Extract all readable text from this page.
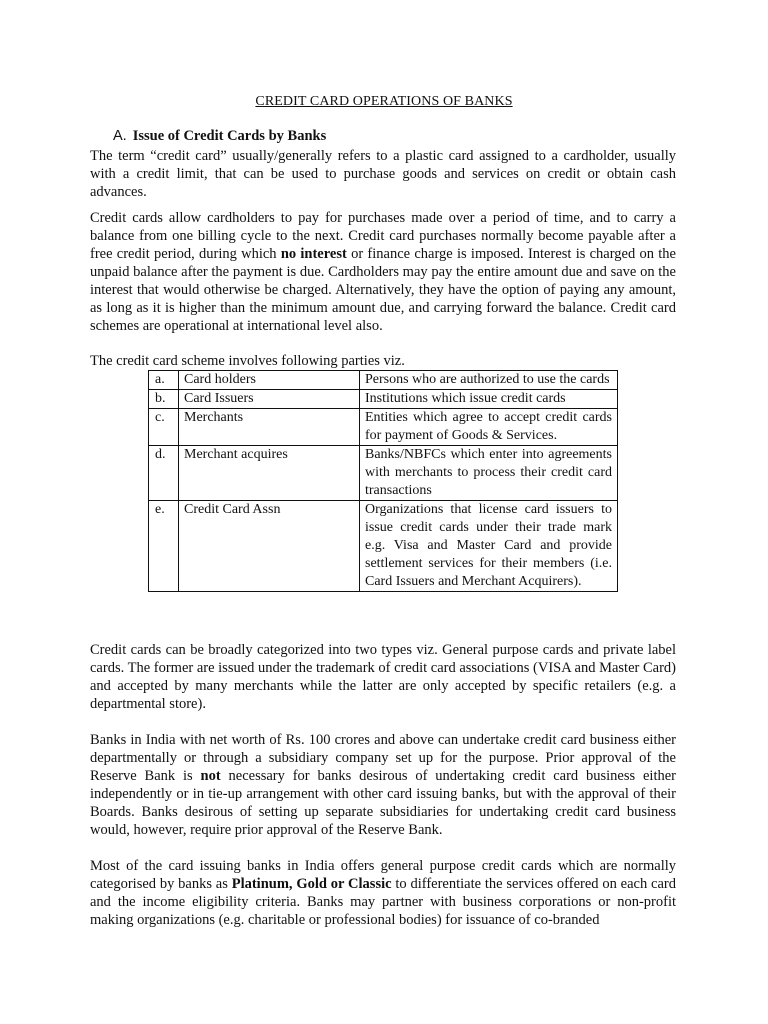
CREDIT CARD OPERATIONS OF BANKS
A. Issue of Credit Cards by Banks

The term “credit card” usually/generally refers to a plastic card assigned to a cardholder, usually with a credit limit, that can be used to purchase goods and services on credit or obtain cash advances.

Credit cards allow cardholders to pay for purchases made over a period of time, and to carry a balance from one billing cycle to the next. Credit card purchases normally become payable after a free credit period, during which no interest or finance charge is imposed. Interest is charged on the unpaid balance after the payment is due. Cardholders may pay the entire amount due and save on the interest that would otherwise be charged. Alternatively, they have the option of paying any amount, as long as it is higher than the minimum amount due, and carrying forward the balance. Credit card schemes are operational at international level also.

The credit card scheme involves following parties viz.
a.	Card holders	Persons who are authorized to use the cards
b.	Card Issuers	Institutions which issue credit cards
c.	Merchants	Entities which agree to accept credit cards for payment of Goods & Services.
d.	Merchant acquires	Banks/NBFCs which enter into agreements with merchants to process their credit card transactions
e.	Credit Card Assn	Organizations that license card issuers to issue credit cards under their trade mark e.g. Visa and Master Card and provide settlement services for their members (i.e. Card Issuers and Merchant Acquirers).

Credit cards can be broadly categorized into two types viz. General purpose cards and private label cards. The former are issued under the trademark of credit card associations (VISA and Master Card) and accepted by many merchants while the latter are only accepted by specific retailers (e.g. a departmental store).

Banks in India with net worth of Rs. 100 crores and above can undertake credit card business either departmentally or through a subsidiary company set up for the purpose. Prior approval of the Reserve Bank is not necessary for banks desirous of undertaking credit card business either independently or in tie-up arrangement with other card issuing banks, but with the approval of their Boards. Banks desirous of setting up separate subsidiaries for undertaking credit card business would, however, require prior approval of the Reserve Bank.

Most of the card issuing banks in India offers general purpose credit cards which are normally categorised by banks as Platinum, Gold or Classic to differentiate the services offered on each card and the income eligibility criteria. Banks may partner with business corporations or non-profit making organizations (e.g. charitable or professional bodies) for issuance of co-branded
